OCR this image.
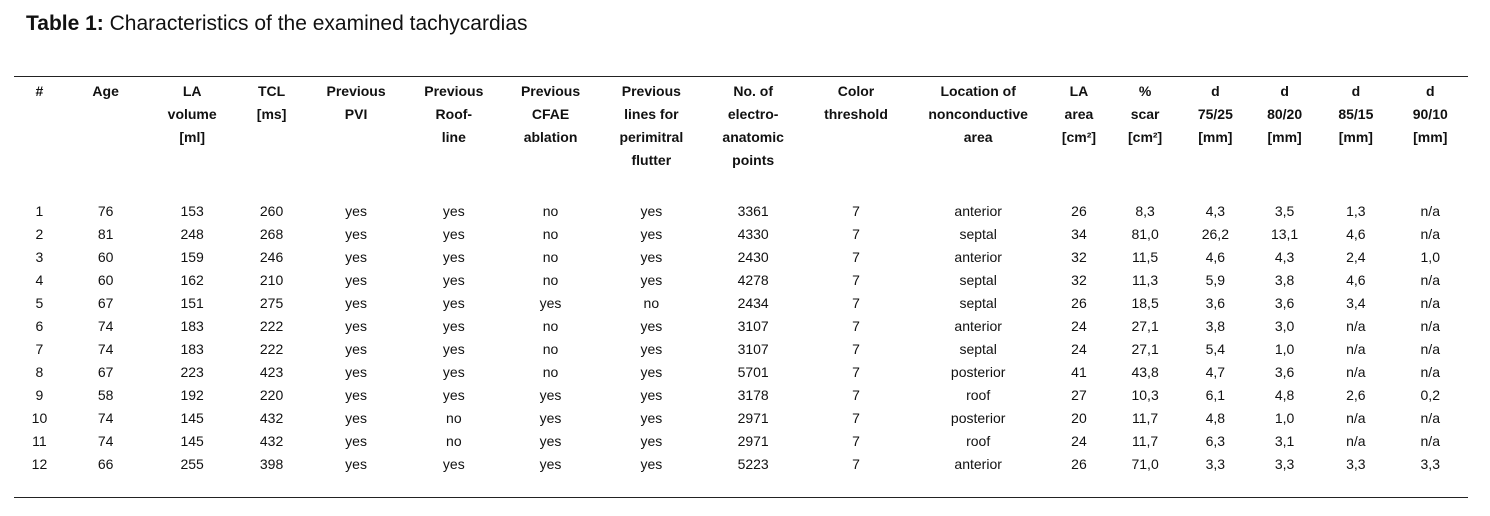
Table 1: Characteristics of the examined tachycardias
#	Age	LA
volume
[ml]	TCL
[ms]	Previous
PVI	Previous
Roof-
line	Previous
CFAE
ablation	Previous
lines for
perimitral
flutter	No. of
electro-
anatomic
points	Color
threshold	Location of
nonconductive
area	LA
area
[cm²]	%
scar
[cm²]	d
75/25
[mm]	d
80/20
[mm]	d
85/15
[mm]	d
90/10
[mm]
1	76	153	260	yes	yes	no	yes	3361	7	anterior	26	8,3	4,3	3,5	1,3	n/a
2	81	248	268	yes	yes	no	yes	4330	7	septal	34	81,0	26,2	13,1	4,6	n/a
3	60	159	246	yes	yes	no	yes	2430	7	anterior	32	11,5	4,6	4,3	2,4	1,0
4	60	162	210	yes	yes	no	yes	4278	7	septal	32	11,3	5,9	3,8	4,6	n/a
5	67	151	275	yes	yes	yes	no	2434	7	septal	26	18,5	3,6	3,6	3,4	n/a
6	74	183	222	yes	yes	no	yes	3107	7	anterior	24	27,1	3,8	3,0	n/a	n/a
7	74	183	222	yes	yes	no	yes	3107	7	septal	24	27,1	5,4	1,0	n/a	n/a
8	67	223	423	yes	yes	no	yes	5701	7	posterior	41	43,8	4,7	3,6	n/a	n/a
9	58	192	220	yes	yes	yes	yes	3178	7	roof	27	10,3	6,1	4,8	2,6	0,2
10	74	145	432	yes	no	yes	yes	2971	7	posterior	20	11,7	4,8	1,0	n/a	n/a
11	74	145	432	yes	no	yes	yes	2971	7	roof	24	11,7	6,3	3,1	n/a	n/a
12	66	255	398	yes	yes	yes	yes	5223	7	anterior	26	71,0	3,3	3,3	3,3	3,3
